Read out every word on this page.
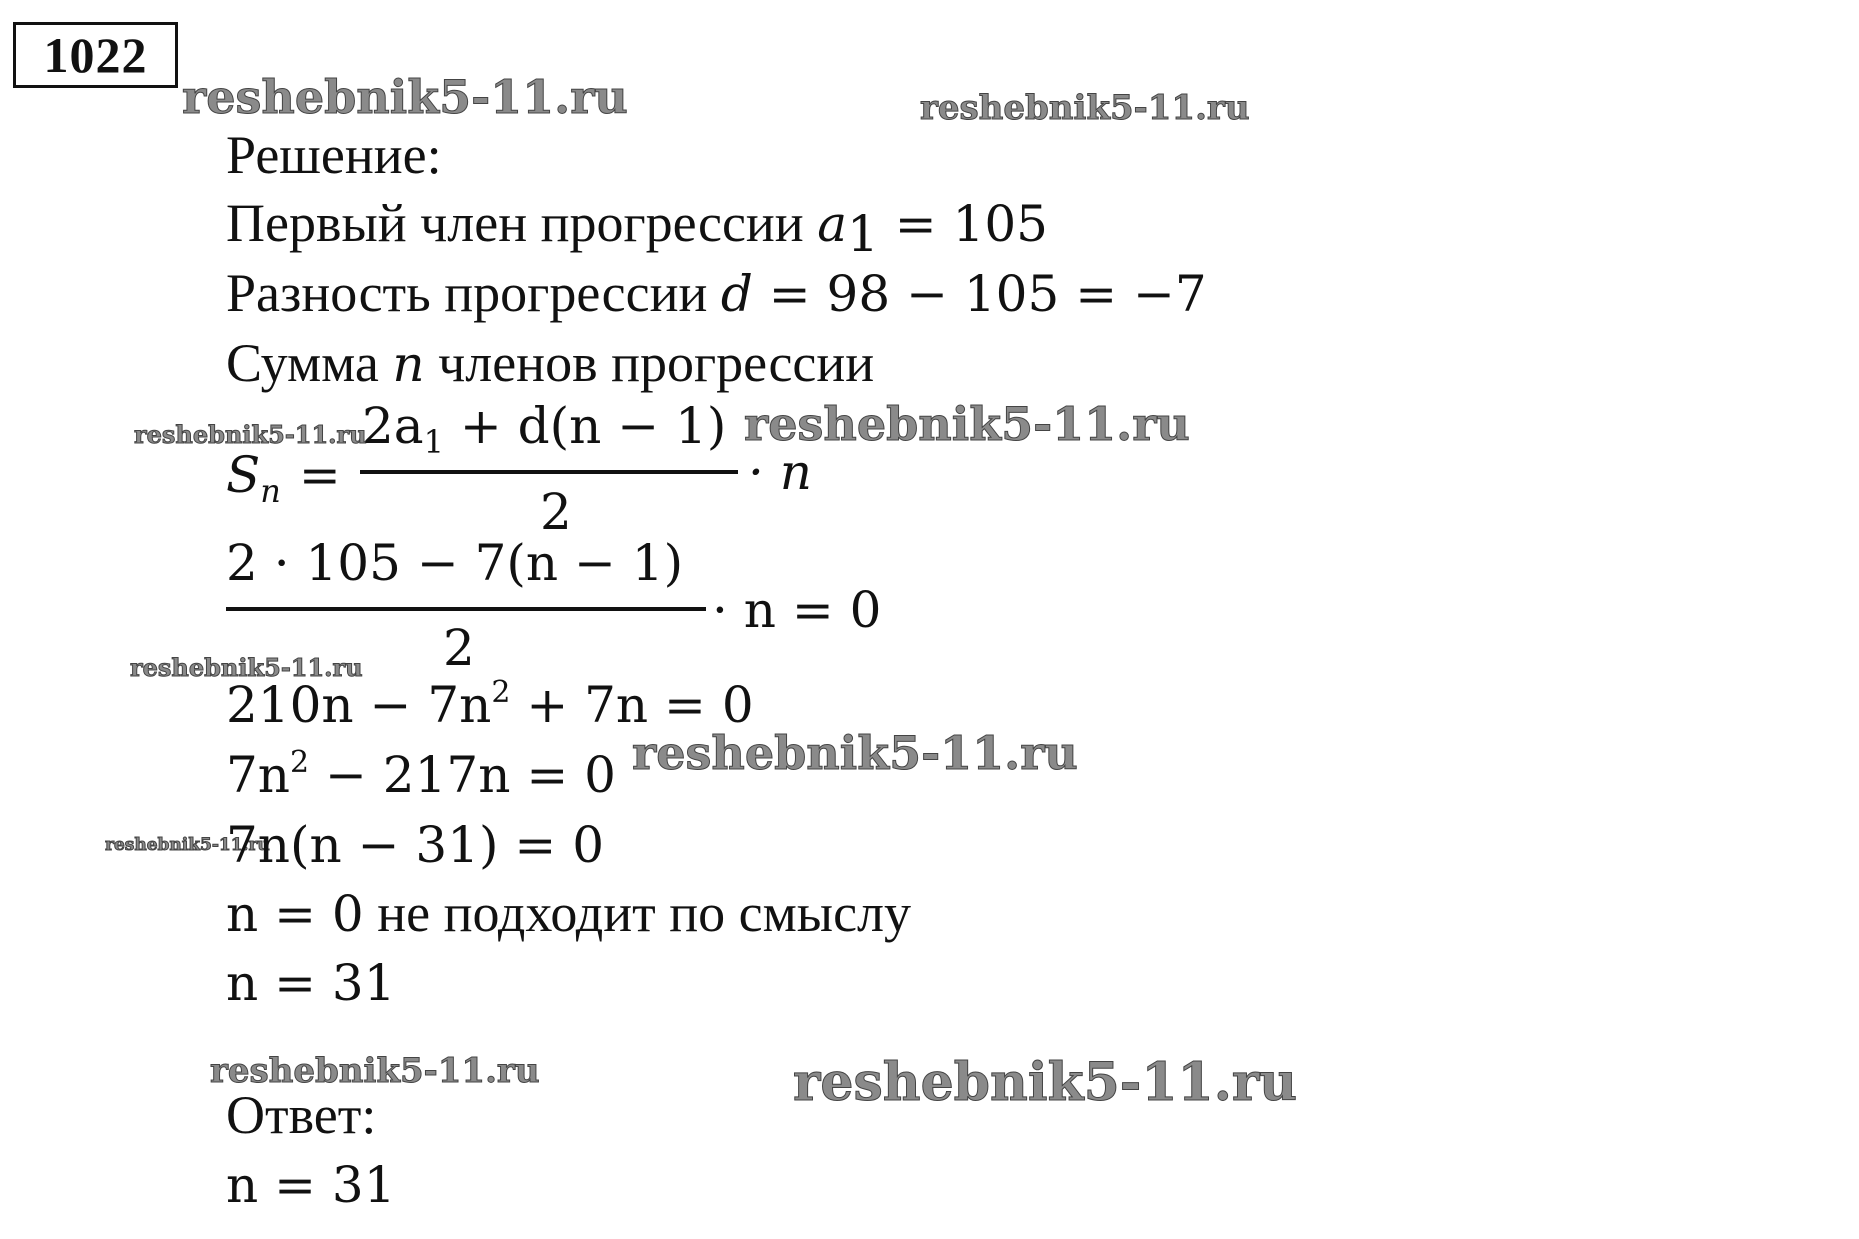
1022
reshebnik5-11.ru	reshebnik5-11.ru
reshebnik5-11.ru	reshebnik5-11.ru
reshebnik5-11.ru
reshebnik5-11.ru
reshebnik5-11.ru
reshebnik5-11.ru	reshebnik5-11.ru
Решение:
Первый член прогрессии $a_1 = 105$
Разность прогрессии d = 98 − 105 = −7
Сумма n членов прогрессии
$S_n$ =
$2a_1 + d(n - 1)$
2
· n
2 · 105 − 7(n − 1)
2
· n = 0
$210n - 7n^2 + 7n = 0$
$7n^2 - 217n = 0$
7n(n − 31) = 0
n = 0 не подходит по смыслу
n = 31
Ответ:
n = 31
